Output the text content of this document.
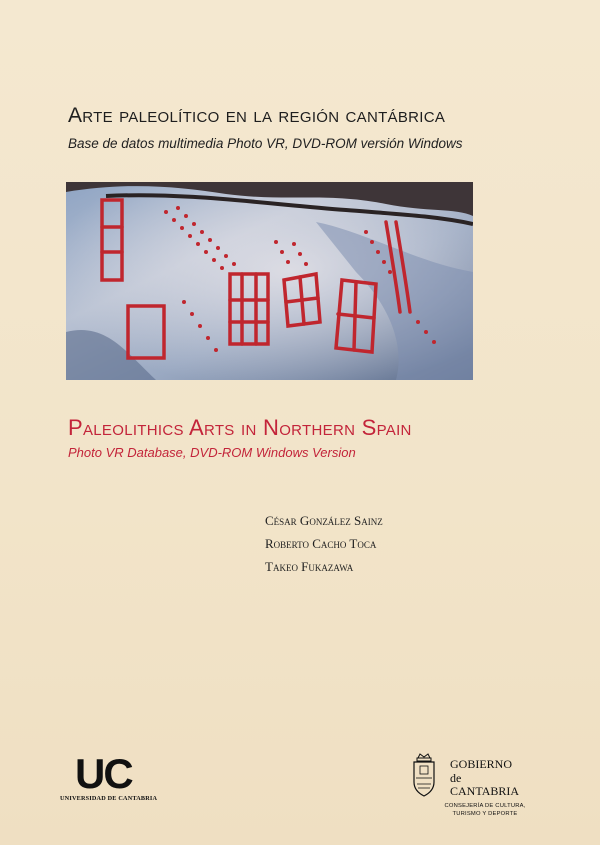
Arte paleolítico en la región cantábrica
Base de datos multimedia Photo VR, DVD-ROM versión Windows
Paleolithics Arts in Northern Spain
Photo VR Database, DVD-ROM Windows Version
César González Sainz
Roberto Cacho Toca
Takeo Fukazawa
UC
UNIVERSIDAD DE CANTABRIA
GOBIERNO
de
CANTABRIA
CONSEJERÍA DE CULTURA,
TURISMO Y DEPORTE
